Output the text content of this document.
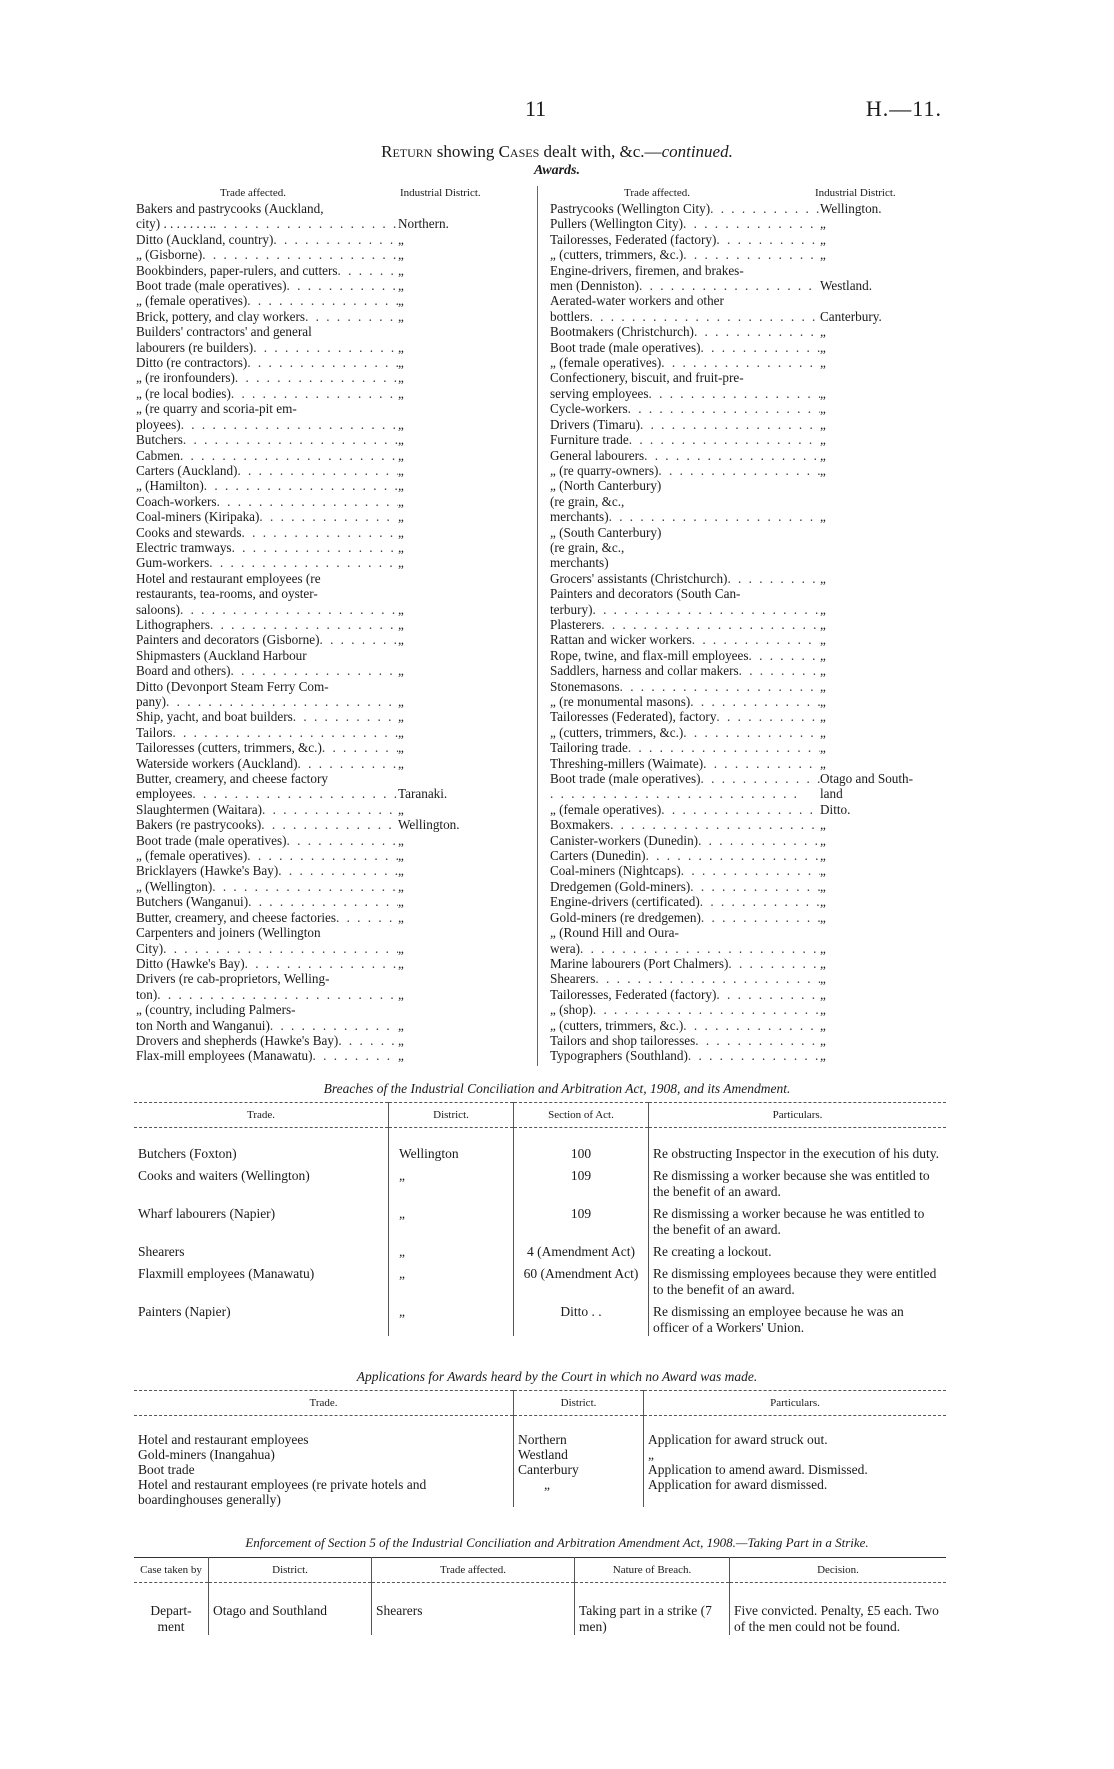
11	H.—11.
Return showing Cases dealt with, &c.—continued.
Awards.
Trade affected.	Industrial District.	Trade affected.	Industrial District.
Bakers and pastrycooks (Auckland,
city) . . . . . . . . . .	Northern.
Ditto (Auckland, country) . .	„
„ (Gisborne) . .	„
Bookbinders, paper-rulers, and cutters . .	„
Boot trade (male operatives) . .	„
„ (female operatives) . .	„
Brick, pottery, and clay workers . .	„
Builders' contractors' and general
labourers (re builders) . .	„
Ditto (re contractors) . .	„
„ (re ironfounders) . .	„
„ (re local bodies) . .	„
„ (re quarry and scoria-pit em-
ployees) . .	„
Butchers . .	„
Cabmen . .	„
Carters (Auckland) . .	„
„ (Hamilton) . .	„
Coach-workers . .	„
Coal-miners (Kiripaka) . .	„
Cooks and stewards . .	„
Electric tramways . .	„
Gum-workers . .	„
Hotel and restaurant employees (re
restaurants, tea-rooms, and oyster-
saloons) . .	„
Lithographers . .	„
Painters and decorators (Gisborne) . .	„
Shipmasters (Auckland Harbour
Board and others) . .	„
Ditto (Devonport Steam Ferry Com-
pany) . .	„
Ship, yacht, and boat builders . .	„
Tailors . .	„
Tailoresses (cutters, trimmers, &c.) . .	„
Waterside workers (Auckland) . .	„
Butter, creamery, and cheese factory
employees . .	Taranaki.
Slaughtermen (Waitara) . .	„
Bakers (re pastrycooks) . .	Wellington.
Boot trade (male operatives) . .	„
„ (female operatives) . .	„
Bricklayers (Hawke's Bay) . .	„
„ (Wellington) . .	„
Butchers (Wanganui) . .	„
Butter, creamery, and cheese factories . .	„
Carpenters and joiners (Wellington
City) . .	„
Ditto (Hawke's Bay) . .	„
Drivers (re cab-proprietors, Welling-
ton) . .	„
„ (country, including Palmers-
ton North and Wanganui) . .	„
Drovers and shepherds (Hawke's Bay) . .	„
Flax-mill employees (Manawatu) . .	„
Pastrycooks (Wellington City) . .	Wellington.
Pullers (Wellington City) . .	„
Tailoresses, Federated (factory) . .	„
„ (cutters, trimmers, &c.) . .	„
Engine-drivers, firemen, and brakes-
men (Denniston) . .	Westland.
Aerated-water workers and other
bottlers . .	Canterbury.
Bootmakers (Christchurch) . .	„
Boot trade (male operatives) . .	„
„ (female operatives) . .	„
Confectionery, biscuit, and fruit-pre-
serving employees . .	„
Cycle-workers . .	„
Drivers (Timaru) . .	„
Furniture trade . .	„
General labourers . .	„
„ (re quarry-owners) . .	„
„ (North Canterbury)
(re grain, &c.,
merchants) . .	„
„ (South Canterbury)
(re grain, &c.,
merchants)
Grocers' assistants (Christchurch) . .	„
Painters and decorators (South Can-
terbury) . .	„
Plasterers . .	„
Rattan and wicker workers . .	„
Rope, twine, and flax-mill employees . .	„
Saddlers, harness and collar makers . .	„
Stonemasons . .	„
„ (re monumental masons) . .	„
Tailoresses (Federated), factory . .	„
„ (cutters, trimmers, &c.) . .	„
Tailoring trade . .	„
Threshing-millers (Waimate) . .	„
Boot trade (male operatives) . .	Otago and South-
. .
land
„ (female operatives) . .	Ditto.
Boxmakers . .	„
Canister-workers (Dunedin) . .	„
Carters (Dunedin) . .	„
Coal-miners (Nightcaps) . .	„
Dredgemen (Gold-miners) . .	„
Engine-drivers (certificated) . .	„
Gold-miners (re dredgemen) . .	„
„ (Round Hill and Oura-
wera) . .	„
Marine labourers (Port Chalmers) . .	„
Shearers . .	„
Tailoresses, Federated (factory) . .	„
„ (shop) . .	„
„ (cutters, trimmers, &c.) . .	„
Tailors and shop tailoresses . .	„
Typographers (Southland) . .	„
Breaches of the Industrial Conciliation and Arbitration Act, 1908, and its Amendment.
Trade.	District.	Section of Act.	Particulars.
Butchers (Foxton)	Wellington	100	Re obstructing Inspector in the execution of his duty.
Cooks and waiters (Wellington)	„	109	Re dismissing a worker because she was entitled to the benefit of an award.
Wharf labourers (Napier)	„	109	Re dismissing a worker because he was entitled to the benefit of an award.
Shearers	„	4 (Amendment Act)	Re creating a lockout.
Flaxmill employees (Manawatu)	„	60 (Amendment Act)	Re dismissing employees because they were entitled to the benefit of an award.
Painters (Napier)	„	Ditto . .	Re dismissing an employee because he was an officer of a Workers' Union.
Applications for Awards heard by the Court in which no Award was made.
Trade.	District.	Particulars.
Hotel and restaurant employees	Northern	Application for award struck out.
Gold-miners (Inangahua)	Westland	„
Boot trade	Canterbury	Application to amend award. Dismissed.
Hotel and restaurant employees (re private hotels and boardinghouses generally)	„	Application for award dismissed.
Enforcement of Section 5 of the Industrial Conciliation and Arbitration Amendment Act, 1908.—Taking Part in a Strike.
Case taken by	District.	Trade affected.	Nature of Breach.	Decision.
Depart-ment	Otago and Southland	Shearers	Taking part in a strike (7 men)	Five convicted. Penalty, £5 each. Two of the men could not be found.
